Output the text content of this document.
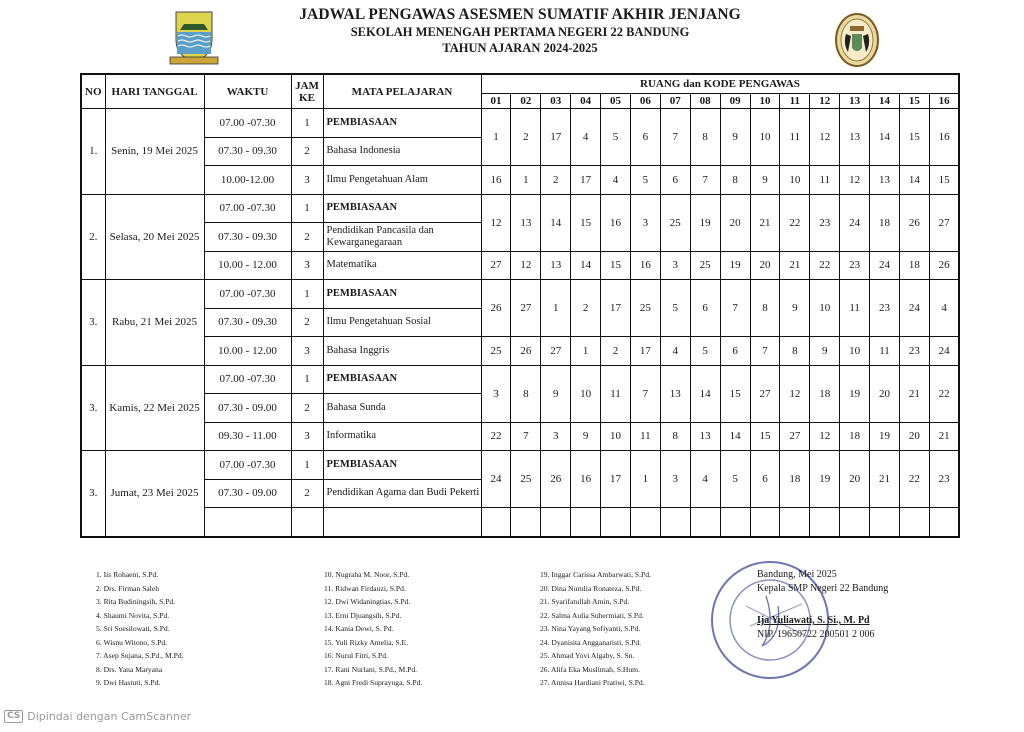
JADWAL PENGAWAS ASESMEN SUMATIF AKHIR JENJANG
SEKOLAH MENENGAH PERTAMA NEGERI 22 BANDUNG
TAHUN AJARAN 2024-2025
NO	HARI TANGGAL	WAKTU	JAM KE	MATA PELAJARAN	RUANG dan KODE PENGAWAS															
					01	02	03	04	05	06	07	08	09	10	11	12	13	14	15	16
1.	Senin, 19 Mei 2025	07.00 -07.30	1	PEMBIASAAN	1	2	17	4	5	6	7	8	9	10	11	12	13	14	15	16
		07.30 - 09.30	2	Bahasa Indonesia																
		10.00-12.00	3	Ilmu Pengetahuan Alam	16	1	2	17	4	5	6	7	8	9	10	11	12	13	14	15
2.	Selasa, 20 Mei 2025	07.00 -07.30	1	PEMBIASAAN	12	13	14	15	16	3	25	19	20	21	22	23	24	18	26	27
		07.30 - 09.30	2	Pendidikan Pancasila dan Kewarganegaraan																
		10.00 - 12.00	3	Matematika	27	12	13	14	15	16	3	25	19	20	21	22	23	24	18	26
3.	Rabu, 21 Mei 2025	07.00 -07.30	1	PEMBIASAAN	26	27	1	2	17	25	5	6	7	8	9	10	11	23	24	4
		07.30 - 09.30	2	Ilmu Pengetahuan Sosial																
		10.00 - 12.00	3	Bahasa Inggris	25	26	27	1	2	17	4	5	6	7	8	9	10	11	23	24
3.	Kamis, 22 Mei 2025	07.00 -07.30	1	PEMBIASAAN	3	8	9	10	11	7	13	14	15	27	12	18	19	20	21	22
		07.30 - 09.00	2	Bahasa Sunda																
		09.30 - 11.00	3	Informatika	22	7	3	9	10	11	8	13	14	15	27	12	18	19	20	21
3.	Jumat, 23 Mei 2025	07.00 -07.30	1	PEMBIASAAN	24	25	26	16	17	1	3	4	5	6	18	19	20	21	22	23
		07.30 - 09.00	2	Pendidikan Agama dan Budi Pekerti																

1. Iis Rohaeni, S.Pd.
2. Drs. Firman Saleh
3. Rita Budiningsih, S.Pd.
4. Shaumi Novita, S.Pd.
5. Sri Soesilowati, S.Pd.
6. Wisnu Witono, S.Pd.
7. Asep Sujana, S.Pd., M.Pd.
8. Drs. Yana Maryana
9. Dwi Hastuti, S.Pd.
10. Nugraha M. Noor, S.Pd.
11. Ridwan Firdauzi, S.Pd.
12. Dwi Widaningtias, S.Pd.
13. Erni Djuangsih, S.Pd.
14. Kania Dewi, S. Pd.
15. Yuli Rizky Amelia, S.E.
16. Nurul Fitri, S.Pd.
17. Rani Nurlani, S.Pd., M.Pd.
18. Agni Fredi Suprayuga, S.Pd.
19. Inggar Carissa Ambarwati, S.Pd.
20. Dina Nurulia Ronateza, S.Pd.
21. Syarifatullah Amin, S.Pd.
22. Salma Aulia Suhermiati, S.Pd.
23. Nina Yayang Sofiyanti, S.Pd.
24. Dyanisita Angganaristi, S.Pd.
25. Ahmad Yovi Algaby, S. Sn.
26. Alifa Eka Muslimah, S.Hum.
27. Annisa Hardiani Pratiwi, S.Pd.
Bandung, Mei 2025
Kepala SMP Negeri 22 Bandung
Ija Yuliawati, S. Si., M. Pd
NIP. 19650722 200501 2 006
CS Dipindai dengan CamScanner
